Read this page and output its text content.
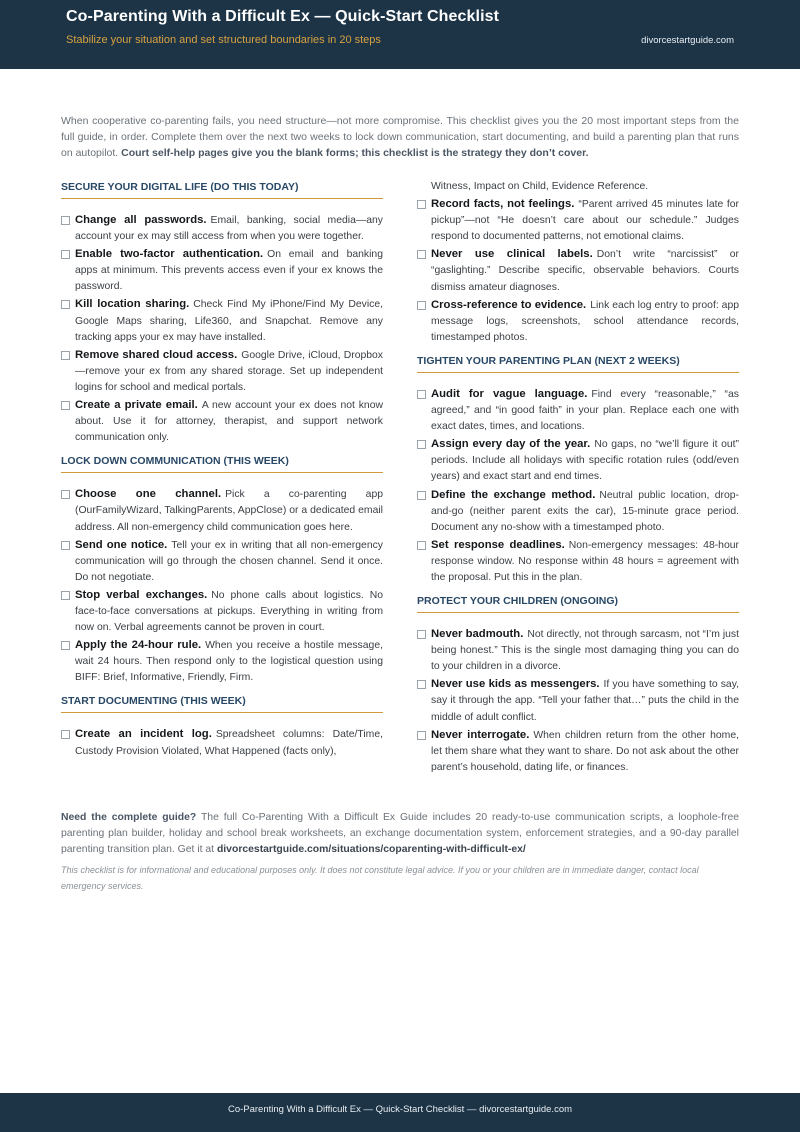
Co-Parenting With a Difficult Ex — Quick-Start Checklist
Stabilize your situation and set structured boundaries in 20 steps	divorcestartguide.com
When cooperative co-parenting fails, you need structure—not more compromise. This checklist gives you the 20 most important steps from the full guide, in order. Complete them over the next two weeks to lock down communication, start documenting, and build a parenting plan that runs on autopilot. Court self-help pages give you the blank forms; this checklist is the strategy they don’t cover.
SECURE YOUR DIGITAL LIFE (DO THIS TODAY)
Change all passwords. Email, banking, social media—any account your ex may still access from when you were together.
Enable two-factor authentication. On email and banking apps at minimum. This prevents access even if your ex knows the password.
Kill location sharing. Check Find My iPhone/Find My Device, Google Maps sharing, Life360, and Snapchat. Remove any tracking apps your ex may have installed.
Remove shared cloud access. Google Drive, iCloud, Dropbox—remove your ex from any shared storage. Set up independent logins for school and medical portals.
Create a private email. A new account your ex does not know about. Use it for attorney, therapist, and support network communication only.
LOCK DOWN COMMUNICATION (THIS WEEK)
Choose one channel. Pick a co-parenting app (OurFamilyWizard, TalkingParents, AppClose) or a dedicated email address. All non-emergency child communication goes here.
Send one notice. Tell your ex in writing that all non-emergency communication will go through the chosen channel. Send it once. Do not negotiate.
Stop verbal exchanges. No phone calls about logistics. No face-to-face conversations at pickups. Everything in writing from now on. Verbal agreements cannot be proven in court.
Apply the 24-hour rule. When you receive a hostile message, wait 24 hours. Then respond only to the logistical question using BIFF: Brief, Informative, Friendly, Firm.
START DOCUMENTING (THIS WEEK)
Create an incident log. Spreadsheet columns: Date/Time, Custody Provision Violated, What Happened (facts only),
Witness, Impact on Child, Evidence Reference.
Record facts, not feelings. “Parent arrived 45 minutes late for pickup”—not “He doesn’t care about our schedule.” Judges respond to documented patterns, not emotional claims.
Never use clinical labels. Don’t write “narcissist” or “gaslighting.” Describe specific, observable behaviors. Courts dismiss amateur diagnoses.
Cross-reference to evidence. Link each log entry to proof: app message logs, screenshots, school attendance records, timestamped photos.
TIGHTEN YOUR PARENTING PLAN (NEXT 2 WEEKS)
Audit for vague language. Find every “reasonable,” “as agreed,” and “in good faith” in your plan. Replace each one with exact dates, times, and locations.
Assign every day of the year. No gaps, no “we’ll figure it out” periods. Include all holidays with specific rotation rules (odd/even years) and exact start and end times.
Define the exchange method. Neutral public location, drop-and-go (neither parent exits the car), 15-minute grace period. Document any no-show with a timestamped photo.
Set response deadlines. Non-emergency messages: 48-hour response window. No response within 48 hours = agreement with the proposal. Put this in the plan.
PROTECT YOUR CHILDREN (ONGOING)
Never badmouth. Not directly, not through sarcasm, not “I’m just being honest.” This is the single most damaging thing you can do to your children in a divorce.
Never use kids as messengers. If you have something to say, say it through the app. “Tell your father that…” puts the child in the middle of adult conflict.
Never interrogate. When children return from the other home, let them share what they want to share. Do not ask about the other parent’s household, dating life, or finances.
Need the complete guide? The full Co-Parenting With a Difficult Ex Guide includes 20 ready-to-use communication scripts, a loophole-free parenting plan builder, holiday and school break worksheets, an exchange documentation system, enforcement strategies, and a 90-day parallel parenting transition plan. Get it at divorcestartguide.com/situations/coparenting-with-difficult-ex/
This checklist is for informational and educational purposes only. It does not constitute legal advice. If you or your children are in immediate danger, contact local emergency services.
Co-Parenting With a Difficult Ex — Quick-Start Checklist — divorcestartguide.com
